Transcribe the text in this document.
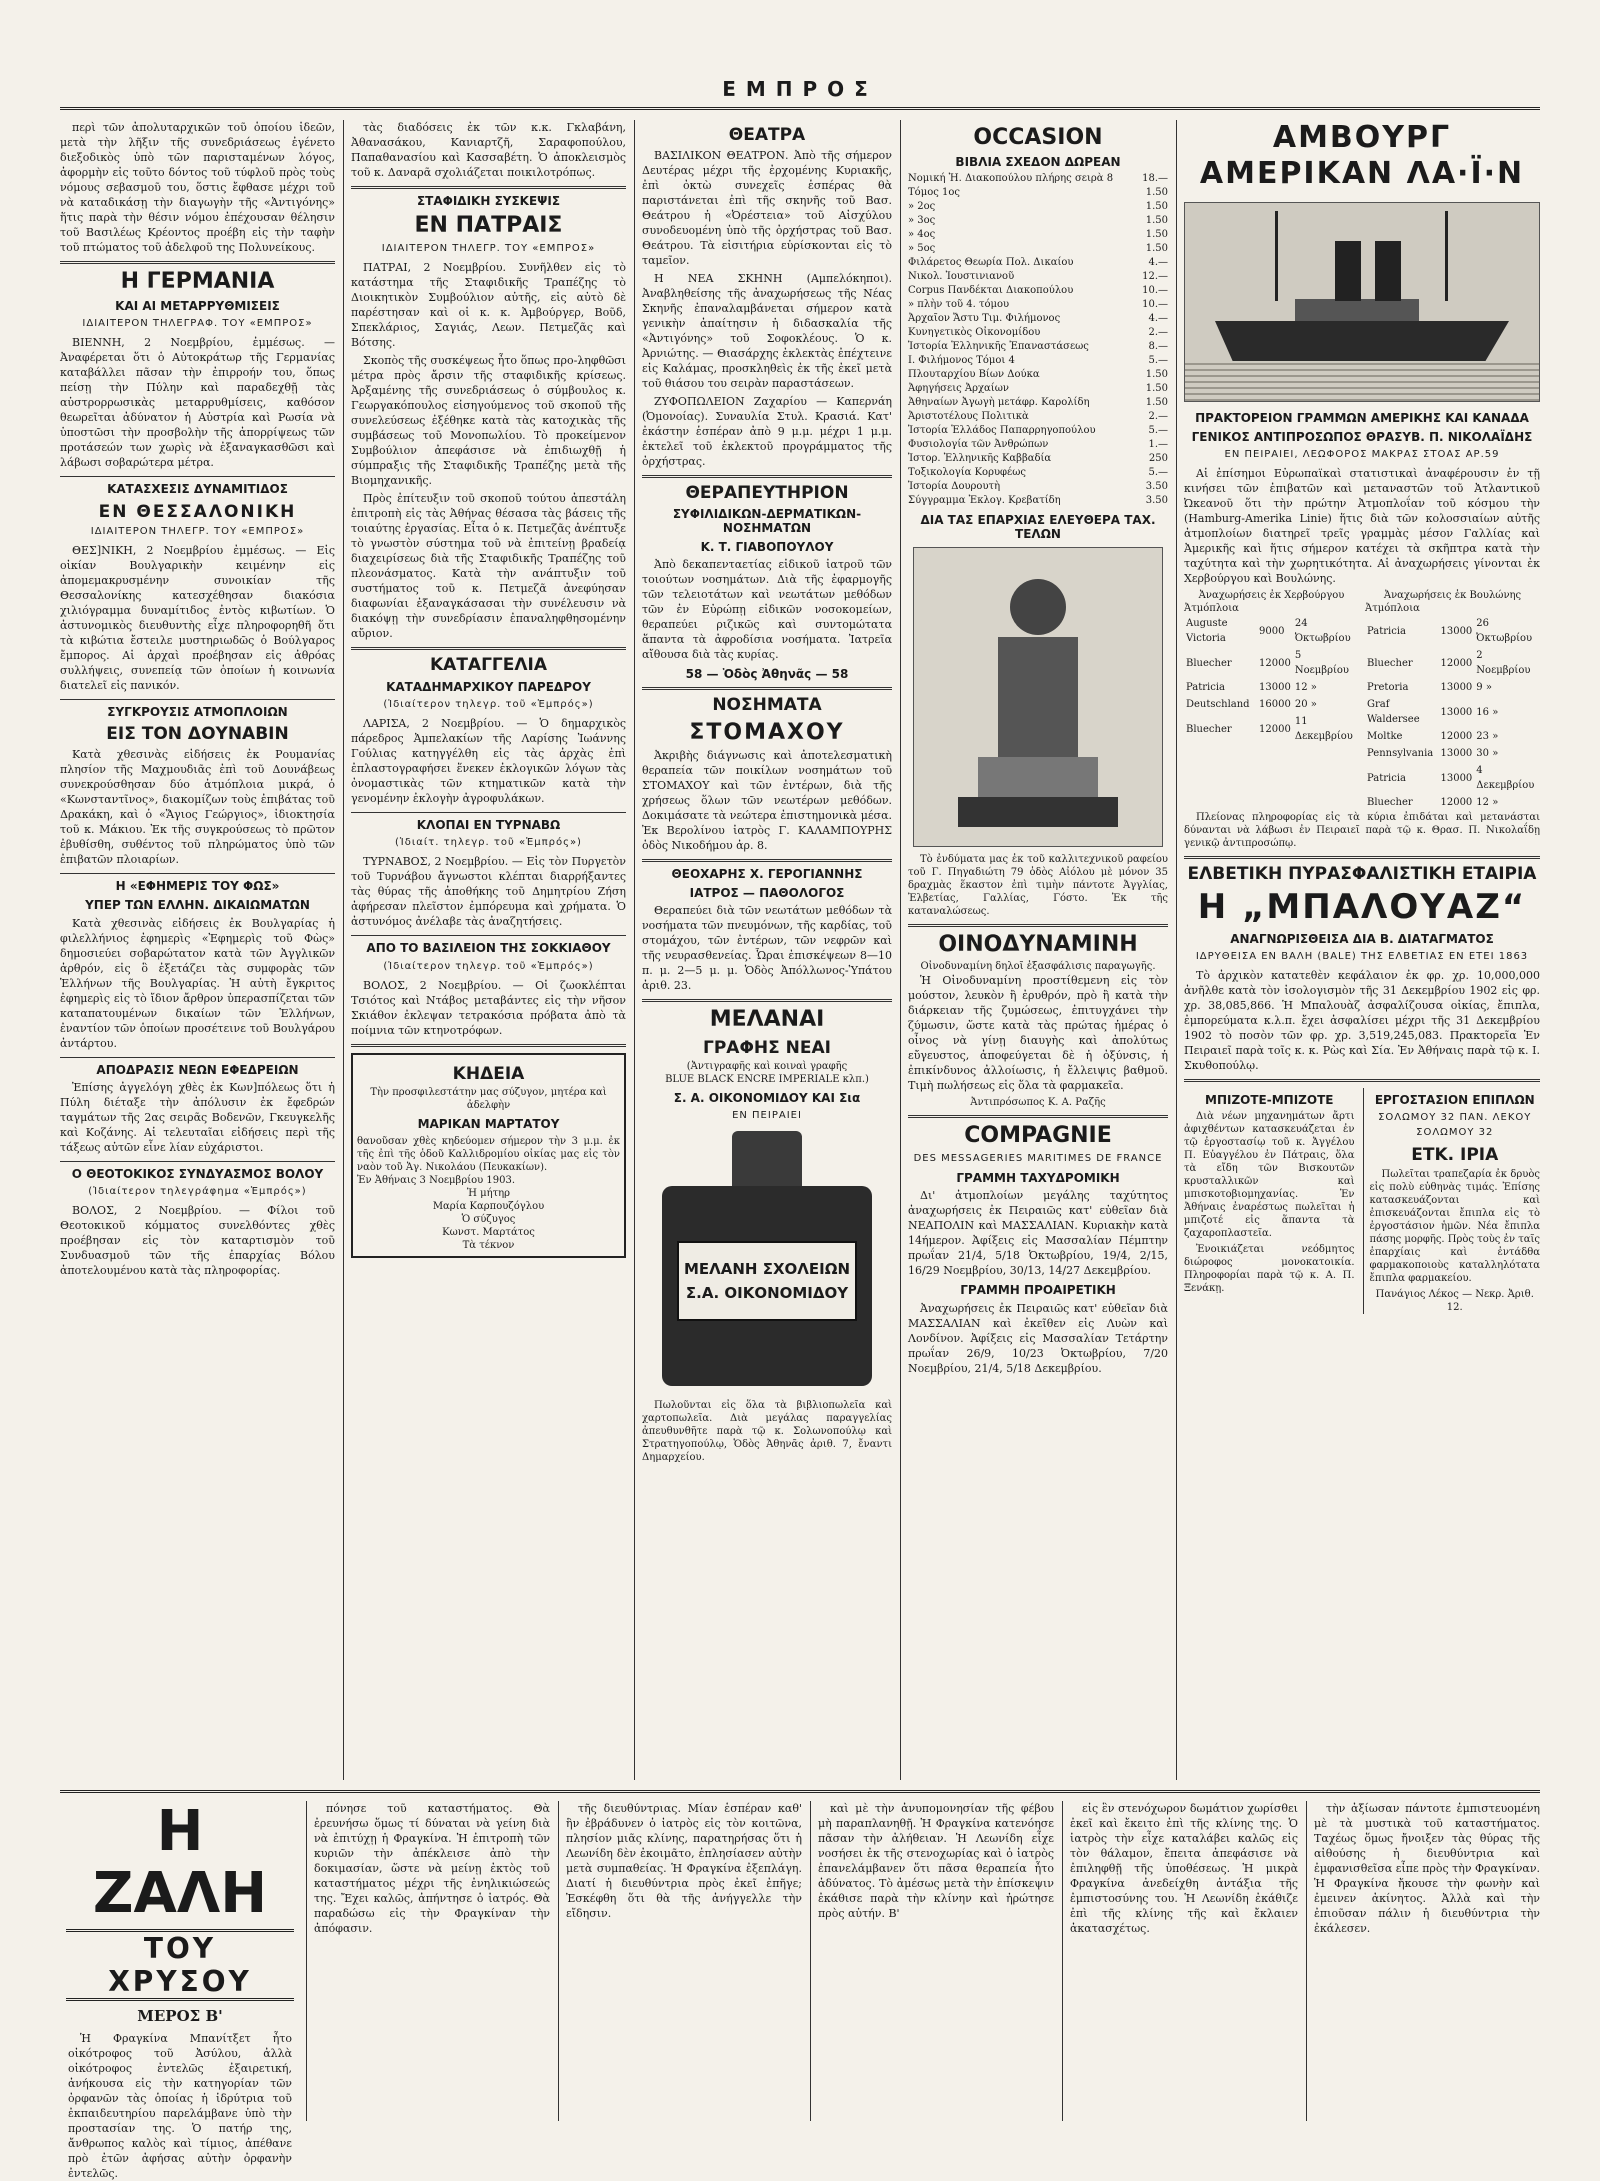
ΕΜΠΡΟΣ

περὶ τῶν ἀπολυταρχικῶν τοῦ ὁποίου ἰδεῶν, μετὰ τὴν λῆξιν τῆς συνεδριάσεως ἐγένετο διεξοδικὸς ὑπὸ τῶν παρισταμένων λόγος, ἀφορμὴν εἰς τοῦτο δόντος τοῦ τύφλοῦ πρὸς τοὺς νόμους σεβασμοῦ του, ὅστις ἔφθασε μέχρι τοῦ νὰ καταδικάσῃ τὴν διαγωγὴν τῆς «Ἀντιγόνης» ἥτις παρὰ τὴν θέσιν νόμου ἐπέχουσαν θέλησιν τοῦ Βασιλέως Κρέοντος προέβη εἰς τὴν ταφὴν τοῦ πτώματος τοῦ ἀδελφοῦ της Πολυνείκους.

Η ΓΕΡΜΑΝΙΑ
ΚΑΙ ΑΙ ΜΕΤΑΡΡΥΘΜΙΣΕΙΣ
ΙΔΙΑΙΤΕΡΟΝ ΤΗΛΕΓΡΑΦ. ΤΟΥ «ΕΜΠΡΟΣ»

ΒΙΕΝΝΗ, 2 Νοεμβρίου, ἐμμέσως. — Ἀναφέρεται ὅτι ὁ Αὐτοκράτωρ τῆς Γερμανίας καταβάλλει πᾶσαν τὴν ἐπιρροήν του, ὅπως πείσῃ τὴν Πύλην καὶ παραδεχθῇ τὰς αὐστρορρωσικὰς μεταρρυθμίσεις, καθόσον θεωρεῖται ἀδύνατον ἡ Αὐστρία καὶ Ρωσία νὰ ὑποστῶσι τὴν προσβολὴν τῆς ἀπορρίψεως τῶν προτάσεών των χωρὶς νὰ ἐξαναγκασθῶσι καὶ λάβωσι σοβαρώτερα μέτρα.

ΚΑΤΑΣΧΕΣΙΣ ΔΥΝΑΜΙΤΙΔΟΣ
ΕΝ ΘΕΣΣΑΛΟΝΙΚΗ
ΙΔΙΑΙΤΕΡΟΝ ΤΗΛΕΓΡ. ΤΟΥ «ΕΜΠΡΟΣ»

ΘΕΣ]ΝΙΚΗ, 2 Νοεμβρίου ἐμμέσως. — Εἰς οἰκίαν Βουλγαρικὴν κειμένην εἰς ἀπομεμακρυσμένην συνοικίαν τῆς Θεσσαλονίκης κατεσχέθησαν διακόσια χιλιόγραμμα δυναμίτιδος ἐντὸς κιβωτίων. Ὁ ἀστυνομικὸς διευθυντὴς εἶχε πληροφορηθῆ ὅτι τὰ κιβώτια ἔστειλε μυστηριωδῶς ὁ Βούλγαρος ἔμπορος. Αἱ ἀρχαὶ προέβησαν εἰς ἀθρόας συλλήψεις, συνεπείᾳ τῶν ὁποίων ἡ κοινωνία διατελεῖ εἰς πανικόν.

ΣΥΓΚΡΟΥΣΙΣ ΑΤΜΟΠΛΟΙΩΝ
ΕΙΣ ΤΟΝ ΔΟΥΝΑΒΙΝ

Κατὰ χθεσινὰς εἰδήσεις ἐκ Ρουμανίας πλησίον τῆς Μαχμουδιᾶς ἐπὶ τοῦ Δουνάβεως συνεκρούσθησαν δύο ἀτμόπλοια μικρά, ὁ «Κωνσταντῖνος», διακομίζων τοὺς ἐπιβάτας τοῦ Δρακάκη, καὶ ὁ «Ἅγιος Γεώργιος», ἰδιοκτησία τοῦ κ. Μάκιου. Ἐκ τῆς συγκρούσεως τὸ πρῶτον ἐβυθίσθη, συθέντος τοῦ πληρώματος ὑπὸ τῶν ἐπιβατῶν πλοιαρίων.

Η «ΕΦΗΜΕΡΙΣ ΤΟΥ ΦΩΣ»
ΥΠΕΡ ΤΩΝ ΕΛΛΗΝ. ΔΙΚΑΙΩΜΑΤΩΝ

Κατὰ χθεσινὰς εἰδήσεις ἐκ Βουλγαρίας ἡ φιλελλήνιος ἐφημερὶς «Ἐφημερὶς τοῦ Φὼς» δημοσιεύει σοβαρώτατον κατὰ τῶν Ἀγγλικῶν ἀρθρόν, εἰς ὃ ἐξετάζει τὰς συμφορὰς τῶν Ἑλλήνων τῆς Βουλγαρίας. Ἡ αὐτὴ ἔγκριτος ἐφημερὶς εἰς τὸ ἴδιον ἄρθρον ὑπερασπίζεται τῶν καταπατουμένων δικαίων τῶν Ἑλλήνων, ἐναντίον τῶν ὁποίων προσέτεινε τοῦ Βουλγάρου ἀντάρτου.

ΑΠΟΔΡΑΣΙΣ ΝΕΩΝ ΕΦΕΔΡΕΙΩΝ

Ἐπίσης ἀγγελόγη χθὲς ἐκ Κων]πόλεως ὅτι ἡ Πύλη διέταξε τὴν ἀπόλυσιν ἐκ ἔφεδρών ταγμάτων τῆς 2ας σειρᾶς Βοδενῶν, Γκευγκελῆς καὶ Κοζάνης. Αἱ τελευταῖαι εἰδήσεις περὶ τῆς τάξεως αὐτῶν εἶνε λίαν εὐχάριστοι.

Ο ΘΕΟΤΟΚΙΚΟΣ ΣΥΝΔΥΑΣΜΟΣ ΒΟΛΟΥ
(Ἰδιαίτερον τηλεγράφημα «Ἐμπρός»)

ΒΟΛΟΣ, 2 Νοεμβρίου. — Φίλοι τοῦ Θεοτοκικοῦ κόμματος συνελθόντες χθὲς προέβησαν εἰς τὸν καταρτισμὸν τοῦ Συνδυασμοῦ τῶν τῆς ἐπαρχίας Βόλου ἀποτελουμένου κατὰ τὰς πληροφορίας.

τὰς διαδόσεις ἐκ τῶν κ.κ. Γκλαβάνη, Ἀθανασάκου, Κανιαρτζῆ, Σαραφοπούλου, Παπαθανασίου καὶ Κασσαβέτη. Ὁ ἀποκλεισμὸς τοῦ κ. Δαναρᾶ σχολιάζεται ποικιλοτρόπως.

ΣΤΑΦΙΔΙΚΗ ΣΥΣΚΕΨΙΣ
ΕΝ ΠΑΤΡΑΙΣ
ΙΔΙΑΙΤΕΡΟΝ ΤΗΛΕΓΡ. ΤΟΥ «ΕΜΠΡΟΣ»

ΠΑΤΡΑΙ, 2 Νοεμβρίου. Συνῆλθεν εἰς τὸ κατάστημα τῆς Σταφιδικῆς Τραπέζης τὸ Διοικητικὸν Συμβούλιον αὐτῆς, εἰς αὐτὸ δὲ παρέστησαν καὶ οἱ κ. κ. Ἀμβούργερ, Βοῦδ, Σπεκλάριος, Σαγιάς, Λεων. Πετμεζᾶς καὶ Βότσης.

Σκοπὸς τῆς συσκέψεως ἦτο ὅπως προ-ληφθῶσι μέτρα πρὸς ἄρσιν τῆς σταφιδικῆς κρίσεως. Ἀρξαμένης τῆς συνεδριάσεως ὁ σύμβουλος κ. Γεωργακόπουλος εἰσηγούμενος τοῦ σκοποῦ τῆς συνελεύσεως ἐξέθηκε κατὰ τὰς κατοχικὰς τῆς συμβάσεως τοῦ Μονοπωλίου. Τὸ προκείμενον Συμβούλιον ἀπεφάσισε νὰ ἐπιδιωχθῇ ἡ σύμπραξις τῆς Σταφιδικῆς Τραπέζης μετὰ τῆς Βιομηχανικῆς.

Πρὸς ἐπίτευξιν τοῦ σκοποῦ τούτου ἀπεστάλη ἐπιτροπὴ εἰς τὰς Ἀθήνας θέσασα τὰς βάσεις τῆς τοιαύτης ἐργασίας. Εἶτα ὁ κ. Πετμεζᾶς ἀνέπτυξε τὸ γνωστὸν σύστημα τοῦ νὰ ἐπιτείνῃ βραδείᾳ διαχειρίσεως διὰ τῆς Σταφιδικῆς Τραπέζης τοῦ πλεονάσματος. Κατὰ τὴν ανάπτυξιν τοῦ συστήματος τοῦ κ. Πετμεζᾶ ἀνεφύησαν διαφωνίαι ἐξαναγκάσασαι τὴν συνέλευσιν νὰ διακόψῃ τὴν συνεδρίασιν ἐπαναληφθησομένην αὔριον.

ΚΑΤΑΓΓΕΛΙΑ
ΚΑΤΑΔΗΜΑΡΧΙΚΟΥ ΠΑΡΕΔΡΟΥ
(Ἰδιαίτερον τηλεγρ. τοῦ «Ἐμπρός»)

ΛΑΡΙΣΑ, 2 Νοεμβρίου. — Ὁ δημαρχικὸς πάρεδρος Ἀμπελακίων τῆς Λαρίσης Ἰωάννης Γούλιας κατηγγέλθη εἰς τὰς ἀρχὰς ἐπὶ ἐπλαστογραφήσει ἕνεκεν ἐκλογικῶν λόγων τὰς ὀνομαστικὰς τῶν κτηματικῶν κατὰ τὴν γενομένην ἐκλογὴν ἀγροφυλάκων.

ΚΛΟΠΑΙ ΕΝ ΤΥΡΝΑΒΩ
(Ἰδιαίτ. τηλεγρ. τοῦ «Ἐμπρός»)

ΤΥΡΝΑΒΟΣ, 2 Νοεμβρίου. — Εἰς τὸν Πυργετὸν τοῦ Τυρνάβου ἄγνωστοι κλέπται διαρρήξαντες τὰς θύρας τῆς ἀποθήκης τοῦ Δημητρίου Ζήση ἀφήρεσαν πλεῖστον ἐμπόρευμα καὶ χρήματα. Ὁ ἀστυνόμος ἀνέλαβε τὰς ἀναζητήσεις.

ΑΠΟ ΤΟ ΒΑΣΙΛΕΙΟΝ ΤΗΣ ΣΟΚΚΙΑΘΟΥ
(Ἰδιαίτερον τηλεγρ. τοῦ «Ἐμπρός»)

ΒΟΛΟΣ, 2 Νοεμβρίου. — Οἱ ζωοκλέπται Τσιότος καὶ Ντάβος μεταβάντες εἰς τὴν νῆσον Σκιάθον ἐκλεψαν τετρακόσια πρόβατα ἀπὸ τὰ ποίμνια τῶν κτηνοτρόφων.

ΚΗΔΕΙΑ

Τὴν προσφιλεστάτην μας σύζυγον, μητέρα καὶ ἀδελφὴν

ΜΑΡΙΚΑΝ ΜΑΡΤΑΤΟΥ

θανοῦσαν χθὲς κηδεύομεν σήμερον τὴν 3 μ.μ. ἐκ τῆς ἐπὶ τῆς ὁδοῦ Καλλιδρομίου οἰκίας μας εἰς τὸν ναὸν τοῦ Ἁγ. Νικολάου (Πευκακίων).

Ἐν Ἀθήναις 3 Νοεμβρίου 1903.

Ἡ μήτηρ

Μαρία Καρπουζόγλου

Ὁ σύζυγος

Κωνστ. Μαρτάτος

Τὰ τέκνον

ΘΕΑΤΡΑ

ΒΑΣΙΛΙΚΟΝ ΘΕΑΤΡΟΝ. Ἀπὸ τῆς σήμερον Δευτέρας μέχρι τῆς ἐρχομένης Κυριακῆς, ἐπὶ ὀκτὼ συνεχεῖς ἑσπέρας θὰ παριστάνεται ἐπὶ τῆς σκηνῆς τοῦ Βασ. Θεάτρου ἡ «Ὀρέστεια» τοῦ Αἰσχύλου συνοδευομένη ὑπὸ τῆς ὀρχήστρας τοῦ Βασ. Θεάτρου. Τὰ εἰσιτήρια εὑρίσκονται εἰς τὸ ταμεῖον.

Η ΝΕΑ ΣΚΗΝΗ (Αμπελόκηποι). Ἀναβληθείσης τῆς ἀναχωρήσεως τῆς Νέας Σκηνῆς ἐπαναλαμβάνεται σήμερον κατὰ γενικὴν ἀπαίτησιν ἡ διδασκαλία τῆς «Ἀντιγόνης» τοῦ Σοφοκλέους. Ὁ κ. Ἀρνιώτης. — Θιασάρχης ἐκλεκτὰς ἐπέχτεινε εἰς Καλάμας, προσκληθεὶς ἐκ τῆς ἐκεῖ μετὰ τοῦ θιάσου του σειρὰν παραστάσεων.

ΖΥΦΟΠΩΛΕΙΟΝ Ζαχαρίου — Καπερνάη (Ὀμονοίας). Συναυλία Στυλ. Κρασιά. Κατ' ἐκάστην ἑσπέραν ἀπὸ 9 μ.μ. μέχρι 1 μ.μ. ἐκτελεῖ τοῦ ἐκλεκτοῦ προγράμματος τῆς ὀρχήστρας.

ΘΕΡΑΠΕΥΤΗΡΙΟΝ
ΣΥΦΙΛΙΔΙΚΩΝ-ΔΕΡΜΑΤΙΚΩΝ-ΝΟΣΗΜΑΤΩΝ
Κ. Τ. ΓΙΑΒΟΠΟΥΛΟΥ

Ἀπὸ δεκαπενταετίας εἰδικοῦ ἰατροῦ τῶν τοιούτων νοσημάτων. Διὰ τῆς ἐφαρμογῆς τῶν τελειοτάτων καὶ νεωτάτων μεθόδων τῶν ἐν Εὐρώπῃ εἰδικῶν νοσοκομείων, θεραπεύει ριζικῶς καὶ συντομώτατα ἅπαντα τὰ ἀφροδίσια νοσήματα. Ἰατρεῖα αἴθουσα διὰ τὰς κυρίας.

58 — Ὁδὸς Ἀθηνᾶς — 58
ΝΟΣΗΜΑΤΑ
ΣΤΟΜΑΧΟΥ

Ἀκριβὴς διάγνωσις καὶ ἀποτελεσματικὴ θεραπεία τῶν ποικίλων νοσημάτων τοῦ ΣΤΟΜΑΧΟΥ καὶ τῶν ἐντέρων, διὰ τῆς χρήσεως ὅλων τῶν νεωτέρων μεθόδων. Δοκιμάσατε τὰ νεώτερα ἐπιστημονικὰ μέσα. Ἐκ Βερολίνου ἰατρὸς Γ. ΚΑΛΑΜΠΟΥΡΗΣ ὁδὸς Νικοδήμου ἀρ. 8.

ΘΕΟΧΑΡΗΣ Χ. ΓΕΡΟΓΙΑΝΝΗΣ
ΙΑΤΡΟΣ — ΠΑΘΟΛΟΓΟΣ

Θεραπεύει διὰ τῶν νεωτάτων μεθόδων τὰ νοσήματα τῶν πνευμόνων, τῆς καρδίας, τοῦ στομάχου, τῶν ἐντέρων, τῶν νεφρῶν καὶ τῆς νευρασθενείας. Ὧραι ἐπισκέψεων 8—10 π. μ. 2—5 μ. μ. Ὁδὸς Ἀπόλλωνος-Ὑπάτου ἀριθ. 23.

ΜΕΛΑΝΑΙ
ΓΡΑΦΗΣ ΝΕΑΙ

(Ἀντιγραφῆς καὶ κοιναὶ γραφῆς

BLUE BLACK ENCRE IMPERIALE κλπ.)

Σ. Α. ΟΙΚΟΝΟΜΙΔΟΥ ΚΑΙ Σια
ΕΝ ΠΕΙΡΑΙΕΙ
ΜΕΛΑΝΗ ΣΧΟΛΕΙΩΝ
Σ.Α. ΟΙΚΟΝΟΜΙΔΟΥ

Πωλοῦνται εἰς ὅλα τὰ βιβλιοπωλεῖα καὶ χαρτοπωλεῖα. Διὰ μεγάλας παραγγελίας ἀπευθυνθῆτε παρὰ τῷ κ. Σολωνοπούλῳ καὶ Στρατηγοπούλῳ, Ὁδὸς Ἀθηνᾶς ἀριθ. 7, ἔναντι Δημαρχείου.

OCCASION
ΒΙΒΛΙΑ ΣΧΕΔΟΝ ΔΩΡΕΑΝ
Νομική Ἠ. Διακοπούλου πλήρης σειρὰ 8	18.—
Τόμος 1ος	1.50
» 2ος	1.50
» 3ος	1.50
» 4ος	1.50
» 5ος	1.50
Φιλάρετος Θεωρία Πολ. Δικαίου	4.—
Νικολ. Ἰουστινιανοῦ	12.—
Corpus Πανδέκται Διακοπούλου	10.—
» πλὴν τοῦ 4. τόμου	10.—
Ἀρχαῖον Ἄστυ Τιμ. Φιλήμονος	4.—
Κυνηγετικὸς Οἰκονομίδου	2.—
Ἱστορία Ἑλληνικῆς Ἐπαναστάσεως	8.—
Ι. Φιλήμονος Τόμοι 4	5.—
Πλουταρχίου Βίων Δούκα	1.50
Ἀφηγήσεις Ἀρχαίων	1.50
Ἀθηναίων Ἀγωγὴ μετάφρ. Καρολίδη	1.50
Ἀριστοτέλους Πολιτικὰ	2.—
Ἱστορία Ἑλλάδος Παπαρρηγοπούλου	5.—
Φυσιολογία τῶν Ἀνθρώπων	1.—
Ἱστορ. Ἐλληνικῆς Καββαδία	250
Τοξικολογία Κορυφέως	5.—
Ἱστορία Δουρουτὴ	3.50
Σύγγραμμα Ἐκλογ. Κρεβατίδη	3.50
ΔΙΑ ΤΑΣ ΕΠΑΡΧΙΑΣ ΕΛΕΥΘΕΡΑ ΤΑΧ. ΤΕΛΩΝ

Τὸ ἐνδύματα μας ἐκ τοῦ καλλιτεχνικοῦ ραφείου τοῦ Γ. Πηγαδιώτη 79 ὁδὸς Αἰόλου μὲ μόνον 35 δραχμὰς ἕκαστον ἐπὶ τιμὴν πάντοτε Ἀγγλίας, Ἐλβετίας, Γαλλίας, Γόστο. Ἐκ τῆς καταναλώσεως.

ΟΙΝΟΔΥΝΑΜΙΝΗ

Οἰνοδυναμίνη δηλοῖ ἐξασφάλισις παραγωγῆς.

Ἡ Οἰνοδυναμίνη προστίθεμενη εἰς τὸν μούστον, λευκὸν ἢ ἐρυθρόν, πρὸ ἢ κατὰ τὴν διάρκειαν τῆς ζυμώσεως, ἐπιτυγχάνει τὴν ζύμωσιν, ὥστε κατὰ τὰς πρώτας ἡμέρας ὁ οἶνος νὰ γίνῃ διαυγὴς καὶ ἀπολύτως εὔγευστος, ἀποφεύγεται δὲ ἡ ὀξύνσις, ἡ ἐπικίνδυνος ἀλλοίωσις, ἡ ἔλλειψις βαθμοῦ. Τιμὴ πωλήσεως εἰς ὅλα τὰ φαρμακεῖα.

Ἀντιπρόσωπος Κ. Α. Ραζῆς

COMPAGNIE
DES MESSAGERIES MARITIMES DE FRANCE
ΓΡΑΜΜΗ ΤΑΧΥΔΡΟΜΙΚΗ

Δι' ἀτμοπλοίων μεγάλης ταχύτητος ἀναχωρήσεις ἐκ Πειραιῶς κατ' εὐθεῖαν διὰ ΝΕΑΠΟΛΙΝ καὶ ΜΑΣΣΑΛΙΑΝ. Κυριακὴν κατὰ 14ήμερον. Ἀφίξεις εἰς Μασσαλίαν Πέμπτην πρωΐαν 21/4, 5/18 Ὀκτωβρίου, 19/4, 2/15, 16/29 Νοεμβρίου, 30/13, 14/27 Δεκεμβρίου.

ΓΡΑΜΜΗ ΠΡΟΑΙΡΕΤΙΚΗ

Ἀναχωρήσεις ἐκ Πειραιῶς κατ' εὐθεῖαν διὰ ΜΑΣΣΑΛΙΑΝ καὶ ἐκεῖθεν εἰς Λυὼν καὶ Λονδίνον. Ἀφίξεις εἰς Μασσαλίαν Τετάρτην πρωΐαν 26/9, 10/23 Ὀκτωβρίου, 7/20 Νοεμβρίου, 21/4, 5/18 Δεκεμβρίου.

ΑΜΒΟΥΡΓ ΑΜΕΡΙΚΑΝ ΛΑ·Ϊ·Ν
ΠΡΑΚΤΟΡΕΙΟΝ ΓΡΑΜΜΩΝ ΑΜΕΡΙΚΗΣ ΚΑΙ ΚΑΝΑΔΑ
ΓΕΝΙΚΟΣ ΑΝΤΙΠΡΟΣΩΠΟΣ ΘΡΑΣΥΒ. Π. ΝΙΚΟΛΑΪΔΗΣ
ΕΝ ΠΕΙΡΑΙΕΙ, ΛΕΩΦΟΡΟΣ ΜΑΚΡΑΣ ΣΤΟΑΣ ΑΡ.59

Αἱ ἐπίσημοι Εὐρωπαϊκαὶ στατιστικαὶ ἀναφέρουσιν ἐν τῇ κινήσει τῶν ἐπιβατῶν καὶ μεταναστῶν τοῦ Ἀτλαντικοῦ Ὠκεανοῦ ὅτι τὴν πρώτην Ἀτμοπλοΐαν τοῦ κόσμου τὴν (Hamburg-Amerika Linie) ἥτις διὰ τῶν κολοσσιαίων αὐτῆς ἀτμοπλοίων διατηρεῖ τρεῖς γραμμὰς μέσον Γαλλίας καὶ Ἀμερικῆς καὶ ἥτις σήμερον κατέχει τὰ σκῆπτρα κατὰ τὴν ταχύτητα καὶ τὴν χωρητικότητα. Αἱ ἀναχωρήσεις γίνονται ἐκ Χερβούργου καὶ Βουλώνης.

Ἀναχωρήσεις ἐκ Χερβούργου
Ἀτμόπλοια
Auguste Victoria	9000	24 Ὀκτωβρίου
Bluecher	12000	5 Νοεμβρίου
Patricia	13000	12 »
Deutschland	16000	20 »
Bluecher	12000	11 Δεκεμβρίου
Ἀναχωρήσεις ἐκ Βουλώνης
Ἀτμόπλοια
Patricia	13000	26 Ὀκτωβρίου
Bluecher	12000	2 Νοεμβρίου
Pretoria	13000	9 »
Graf Waldersee	13000	16 »
Moltke	12000	23 »
Pennsylvania	13000	30 »
Patricia	13000	4 Δεκεμβρίου
Bluecher	12000	12 »

Πλείονας πληροφορίας εἰς τὰ κύρια ἐπιδάται καὶ μετανάσται δύνανται νὰ λάβωσι ἐν Πειραιεῖ παρὰ τῷ κ. Θρασ. Π. Νικολαΐδῃ γενικῷ ἀντιπροσώπῳ.

ΕΛΒΕΤΙΚΗ ΠΥΡΑΣΦΑΛΙΣΤΙΚΗ ΕΤΑΙΡΙΑ
Η „ΜΠΑΛΟΥΑΖ“
ΑΝΑΓΝΩΡΙΣΘΕΙΣΑ ΔΙΑ Β. ΔΙΑΤΑΓΜΑΤΟΣ
ΙΔΡΥΘΕΙΣΑ ΕΝ ΒΑΛΗ (BALE) ΤΗΣ ΕΛΒΕΤΙΑΣ ΕΝ ΕΤΕΙ 1863

Τὸ ἀρχικὸν κατατεθὲν κεφάλαιον ἐκ φρ. χρ. 10,000,000 ἀνῆλθε κατὰ τὸν ἰσολογισμὸν τῆς 31 Δεκεμβρίου 1902 εἰς φρ. χρ. 38,085,866. Ἡ Μπαλουὰζ ἀσφαλίζουσα οἰκίας, ἔπιπλα, ἐμπορεύματα κ.λ.π. ἔχει ἀσφαλίσει μέχρι τῆς 31 Δεκεμβρίου 1902 τὸ ποσὸν τῶν φρ. χρ. 3,519,245,083. Πρακτορεῖα Ἐν Πειραιεῖ παρὰ τοῖς κ. κ. Ρὼς καὶ Σία. Ἐν Ἀθήναις παρὰ τῷ κ. Ι. Σκυθοπούλῳ.

ΜΠΙΖΟΤΕ-ΜΠΙΖΟΤΕ

Διὰ νέων μηχανημάτων ἄρτι ἀφιχθέντων κατασκευάζεται ἐν τῷ ἐργοστασίῳ τοῦ κ. Ἀγγέλου Π. Εὐαγγέλου ἐν Πάτραις, ὅλα τὰ εἴδη τῶν Βισκουτῶν κρυσταλλικῶν καὶ μπισκοτοβιομηχανίας. Ἐν Ἀθήναις ἐναρέστως πωλεῖται ἡ μπιζοτέ εἰς ἅπαντα τὰ ζαχαροπλαστεῖα.

Ἐνοικιάζεται νεόδμητος διώροφος μονοκατοικία. Πληροφορίαι παρὰ τῷ κ. Α. Π. Ξενάκῃ.

ΕΡΓΟΣΤΑΣΙΟΝ ΕΠΙΠΛΩΝ
ΣΟΛΩΜΟΥ 32 ΠΑΝ. ΛΕΚΟΥ ΣΟΛΩΜΟΥ 32
ΕΤΚ. ΙΡΙΑ

Πωλεῖται τραπεζαρία ἐκ δρυὸς εἰς πολὺ εὐθηνὰς τιμάς. Ἐπίσης κατασκευάζονται καὶ ἐπισκευάζονται ἔπιπλα εἰς τὸ ἐργοστάσιον ἡμῶν. Νέα ἔπιπλα πάσης μορφῆς. Πρὸς τοὺς ἐν ταῖς ἐπαρχίαις καὶ ἐντάδθα φαρμακοποιοὺς καταλληλότατα ἔπιπλα φαρμακείου.

Πανάγιος Λέκος — Νεκρ. Ἀριθ. 12.

Η ΖΑΛΗ
ΤΟΥ ΧΡΥΣΟΥ
ΜΕΡΟΣ Β'

Ἡ Φραγκίνα Μπανίτξετ ἦτο οἰκότροφος τοῦ Ἀσύλου, ἀλλὰ οἰκότροφος ἐντελῶς ἐξαιρετική, ἀνήκουσα εἰς τὴν κατηγορίαν τῶν ὀρφανῶν τὰς ὁποίας ἡ ἱδρύτρια τοῦ ἐκπαιδευτηρίου παρελάμβανε ὑπὸ τὴν προστασίαν της. Ὁ πατήρ της, ἄνθρωπος καλὸς καὶ τίμιος, ἀπέθανε πρὸ ἐτῶν ἀφήσας αὐτὴν ὀρφανὴν ἐντελῶς.

πόνησε τοῦ καταστήματος. Θὰ ἐρευνήσω ὅμως τί δύναται νὰ γείνη διὰ νὰ ἐπιτύχῃ ἡ Φραγκίνα. Ἡ ἐπιτροπὴ τῶν κυριῶν τὴν ἀπέκλεισε ἀπὸ τὴν δοκιμασίαν, ὥστε νὰ μείνῃ ἐκτὸς τοῦ καταστήματος μέχρι τῆς ἐνηλικιώσεώς της. Ἔχει καλῶς, ἀπήντησε ὁ ἰατρός. Θὰ παραδώσω εἰς τὴν Φραγκίναν τὴν ἀπόφασιν.

τῆς διευθύντριας. Μίαν ἑσπέραν καθ' ἣν ἐβράδυνεν ὁ ἰατρὸς εἰς τὸν κοιτῶνα, πλησίον μιᾶς κλίνης, παρατηρήσας ὅτι ἡ Λεωνίδη δὲν ἐκοιμᾶτο, ἐπλησίασεν αὐτὴν μετὰ συμπαθείας. Ἡ Φραγκίνα ἐξεπλάγη. Διατί ἡ διευθύντρια πρὸς ἐκεῖ ἐπῆγε; Ἐσκέφθη ὅτι θὰ τῆς ἀνήγγελλε τὴν εἴδησιν.

καὶ μὲ τὴν ἀνυπομονησίαν τῆς φέβου μὴ παραπλανηθῇ. Ἡ Φραγκίνα κατενόησε πᾶσαν τὴν ἀλήθειαν. Ἡ Λεωνίδη εἶχε νοσήσει ἐκ τῆς στενοχωρίας καὶ ὁ ἰατρὸς ἐπανελάμβανεν ὅτι πᾶσα θεραπεία ἦτο ἀδύνατος. Τὸ ἀμέσως μετὰ τὴν ἐπίσκεψιν ἐκάθισε παρὰ τὴν κλίνην καὶ ἠρώτησε πρὸς αὐτήν. Β'

εἰς ἓν στενόχωρον δωμάτιον χωρίσθει ἐκεῖ καὶ ἔκειτο ἐπὶ τῆς κλίνης της. Ὁ ἰατρὸς τὴν εἶχε καταλάβει καλῶς εἰς τὸν θάλαμον, ἔπειτα ἀπεφάσισε νὰ ἐπιληφθῇ τῆς ὑποθέσεως. Ἡ μικρὰ Φραγκίνα ἀνεδείχθη ἀντάξια τῆς ἐμπιστοσύνης του. Ἡ Λεωνίδη ἐκάθιζε ἐπὶ τῆς κλίνης τῆς καὶ ἔκλαιεν ἀκατασχέτως.

τὴν ἀξίωσαν πάντοτε ἐμπιστευομένη μὲ τὰ μυστικὰ τοῦ καταστήματος. Ταχέως ὅμως ἤνοιξεν τὰς θύρας τῆς αἰθούσης ἡ διευθύντρια καὶ ἐμφανισθεῖσα εἶπε πρὸς τὴν Φραγκίναν. Ἡ Φραγκίνα ἤκουσε τὴν φωνὴν καὶ ἐμεινεν ἀκίνητος. Ἀλλὰ καὶ τὴν ἐπιοῦσαν πάλιν ἡ διευθύντρια τὴν ἐκάλεσεν.
